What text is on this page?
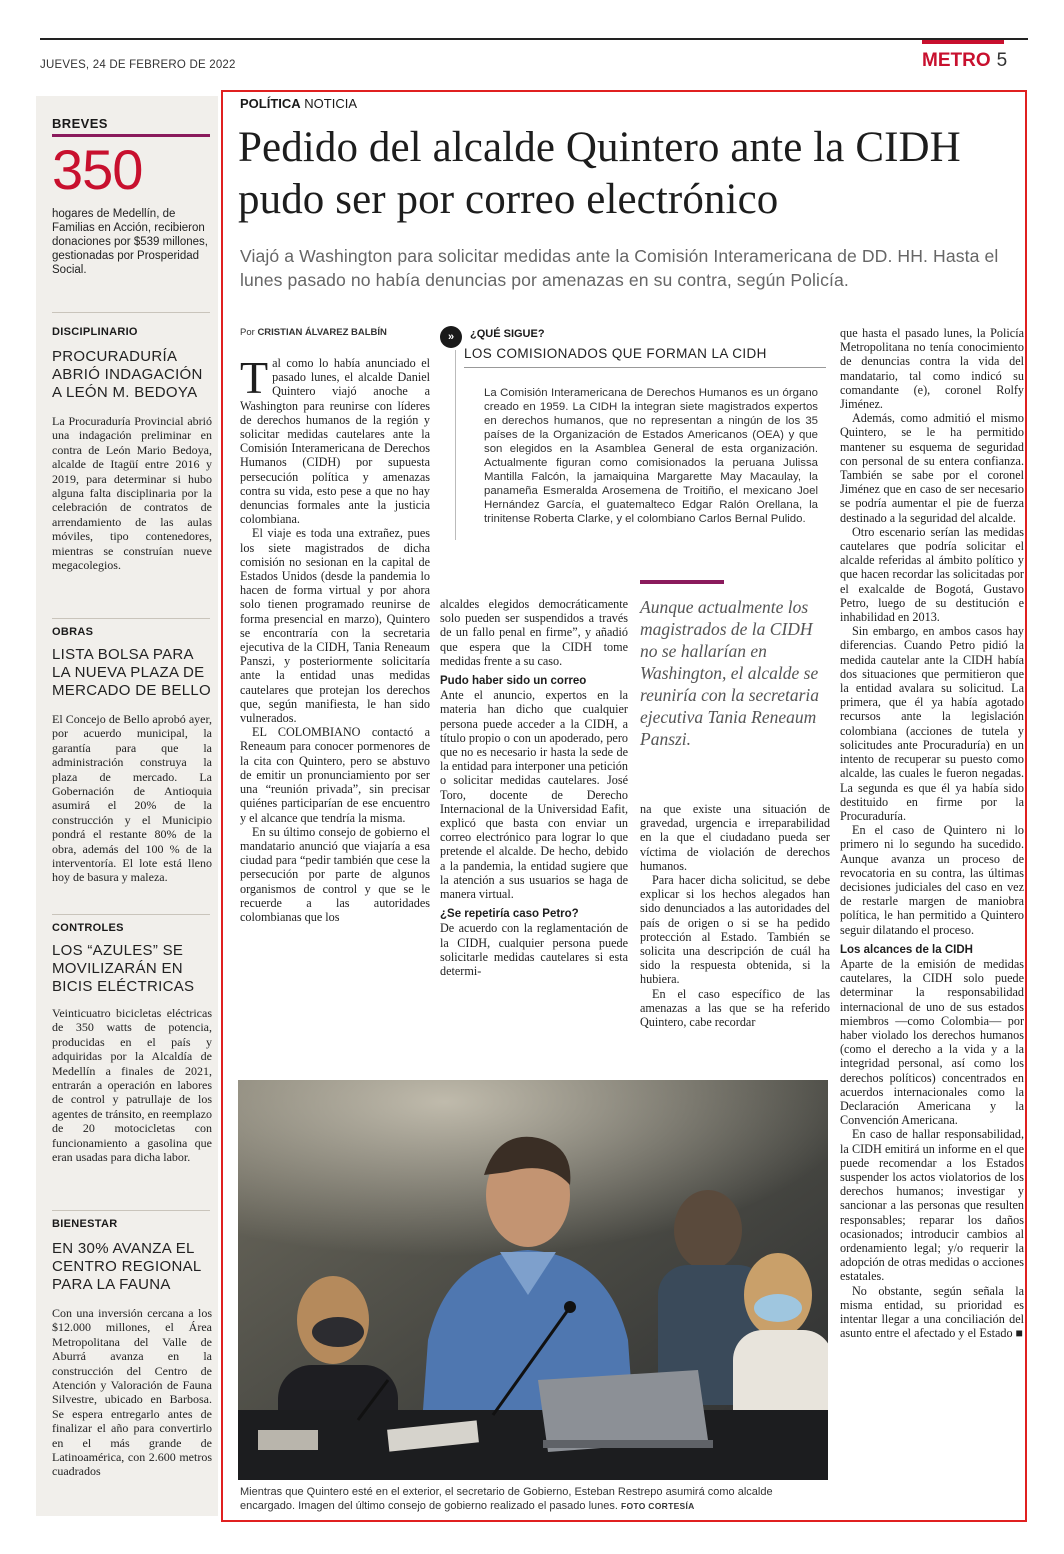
JUEVES, 24 DE FEBRERO DE 2022	METRO 5
BREVES
350
hogares de Medellín, de Familias en Acción, recibieron donaciones por $539 millones, gestionadas por Prosperidad Social.
DISCIPLINARIO
PROCURADURÍA ABRIÓ INDAGACIÓN A LEÓN M. BEDOYA
La Procuraduría Provincial abrió una indagación preliminar en contra de León Mario Bedoya, alcalde de Itagüí entre 2016 y 2019, para determinar si hubo alguna falta disciplinaria por la celebración de contratos de arrendamiento de las aulas móviles, tipo contenedores, mientras se construían nueve megacolegios.
OBRAS
LISTA BOLSA PARA LA NUEVA PLAZA DE MERCADO DE BELLO
El Concejo de Bello aprobó ayer, por acuerdo municipal, la garantía para que la administración construya la plaza de mercado. La Gobernación de Antioquia asumirá el 20% de la construcción y el Municipio pondrá el restante 80% de la obra, además del 100 % de la interventoría. El lote está lleno hoy de basura y maleza.
CONTROLES
LOS “AZULES” SE MOVILIZARÁN EN BICIS ELÉCTRICAS
Veinticuatro bicicletas eléctricas de 350 watts de potencia, producidas en el país y adquiridas por la Alcaldía de Medellín a finales de 2021, entrarán a operación en labores de control y patrullaje de los agentes de tránsito, en reemplazo de 20 motocicletas con funcionamiento a gasolina que eran usadas para dicha labor.
BIENESTAR
EN 30% AVANZA EL CENTRO REGIONAL PARA LA FAUNA
Con una inversión cercana a los $12.000 millones, el Área Metropolitana del Valle de Aburrá avanza en la construcción del Centro de Atención y Valoración de Fauna Silvestre, ubicado en Barbosa. Se espera entregarlo antes de finalizar el año para convertirlo en el más grande de Latinoamérica, con 2.600 metros cuadrados
POLÍTICA NOTICIA
Pedido del alcalde Quintero ante la CIDH pudo ser por correo electrónico
Viajó a Washington para solicitar medidas ante la Comisión Interamericana de DD. HH. Hasta el lunes pasado no había denuncias por amenazas en su contra, según Policía.
Por CRISTIAN ÁLVAREZ BALBÍN

Tal como lo había anunciado el pasado lunes, el alcalde Daniel Quintero viajó anoche a Washington para reunirse con líderes de derechos humanos de la región y solicitar medidas cautelares ante la Comisión Interamericana de Derechos Humanos (CIDH) por supuesta persecución política y amenazas contra su vida, esto pese a que no hay denuncias formales ante la justicia colombiana.

El viaje es toda una extrañez, pues los siete magistrados de dicha comisión no sesionan en la capital de Estados Unidos (desde la pandemia lo hacen de forma virtual y por ahora solo tienen programado reunirse de forma presencial en marzo), Quintero se encontraría con la secretaria ejecutiva de la CIDH, Tania Reneaum Panszi, y posteriormente solicitaría ante la entidad unas medidas cautelares que protejan los derechos que, según manifiesta, le han sido vulnerados.

EL COLOMBIANO contactó a Reneaum para conocer pormenores de la cita con Quintero, pero se abstuvo de emitir un pronunciamiento por ser una “reunión privada”, sin precisar quiénes participarían de ese encuentro y el alcance que tendría la misma.

En su último consejo de gobierno el mandatario anunció que viajaría a esa ciudad para “pedir también que cese la persecución por parte de algunos organismos de control y que se le recuerde a las autoridades colombianas que los

»	¿QUÉ SIGUE?
LOS COMISIONADOS QUE FORMAN LA CIDH
La Comisión Interamericana de Derechos Humanos es un órgano creado en 1959. La CIDH la integran siete magistrados expertos en derechos humanos, que no representan a ningún de los 35 países de la Organización de Estados Americanos (OEA) y que son elegidos en la Asamblea General de esta organización. Actualmente figuran como comisionados la peruana Julissa Mantilla Falcón, la jamaiquina Margarette May Macaulay, la panameña Esmeralda Arosemena de Troitiño, el mexicano Joel Hernández García, el guatemalteco Edgar Ralón Orellana, la trinitense Roberta Clarke, y el colombiano Carlos Bernal Pulido.

alcaldes elegidos democráticamente solo pueden ser suspendidos a través de un fallo penal en firme”, y añadió que espera que la CIDH tome medidas frente a su caso.

Pudo haber sido un correo

Ante el anuncio, expertos en la materia han dicho que cualquier persona puede acceder a la CIDH, a título propio o con un apoderado, pero que no es necesario ir hasta la sede de la entidad para interponer una petición o solicitar medidas cautelares. José Toro, docente de Derecho Internacional de la Universidad Eafit, explicó que basta con enviar un correo electrónico para lograr lo que pretende el alcalde. De hecho, debido a la pandemia, la entidad sugiere que la atención a sus usuarios se haga de manera virtual.

¿Se repetiría caso Petro?

De acuerdo con la reglamentación de la CIDH, cualquier persona puede solicitarle medidas cautelares si esta determi-

Aunque actualmente los magistrados de la CIDH no se hallarían en Washington, el alcalde se reuniría con la secretaria ejecutiva Tania Reneaum Panszi.

na que existe una situación de gravedad, urgencia e irreparabilidad en la que el ciudadano pueda ser víctima de violación de derechos humanos.

Para hacer dicha solicitud, se debe explicar si los hechos alegados han sido denunciados a las autoridades del país de origen o si se ha pedido protección al Estado. También se solicita una descripción de cuál ha sido la respuesta obtenida, si la hubiera.

En el caso específico de las amenazas a las que se ha referido Quintero, cabe recordar

que hasta el pasado lunes, la Policía Metropolitana no tenía conocimiento de denuncias contra la vida del mandatario, tal como indicó su comandante (e), coronel Rolfy Jiménez.

Además, como admitió el mismo Quintero, se le ha permitido mantener su esquema de seguridad con personal de su entera confianza. También se sabe por el coronel Jiménez que en caso de ser necesario se podría aumentar el pie de fuerza destinado a la seguridad del alcalde.

Otro escenario serían las medidas cautelares que podría solicitar el alcalde referidas al ámbito político y que hacen recordar las solicitadas por el exalcalde de Bogotá, Gustavo Petro, luego de su destitución e inhabilidad en 2013.

Sin embargo, en ambos casos hay diferencias. Cuando Petro pidió la medida cautelar ante la CIDH había dos situaciones que permitieron que la entidad avalara su solicitud. La primera, que él ya había agotado recursos ante la legislación colombiana (acciones de tutela y solicitudes ante Procuraduría) en un intento de recuperar su puesto como alcalde, las cuales le fueron negadas. La segunda es que él ya había sido destituido en firme por la Procuraduría.

En el caso de Quintero ni lo primero ni lo segundo ha sucedido. Aunque avanza un proceso de revocatoria en su contra, las últimas decisiones judiciales del caso en vez de restarle margen de maniobra política, le han permitido a Quintero seguir dilatando el proceso.

Los alcances de la CIDH

Aparte de la emisión de medidas cautelares, la CIDH solo puede determinar la responsabilidad internacional de uno de sus estados miembros —como Colombia— por haber violado los derechos humanos (como el derecho a la vida y a la integridad personal, así como los derechos políticos) concentrados en acuerdos internacionales como la Declaración Americana y la Convención Americana.

En caso de hallar responsabilidad, la CIDH emitirá un informe en el que puede recomendar a los Estados suspender los actos violatorios de los derechos humanos; investigar y sancionar a las personas que resulten responsables; reparar los daños ocasionados; introducir cambios al ordenamiento legal; y/o requerir la adopción de otras medidas o acciones estatales.

No obstante, según señala la misma entidad, su prioridad es intentar llegar a una conciliación del asunto entre el afectado y el Estado ■

Mientras que Quintero esté en el exterior, el secretario de Gobierno, Esteban Restrepo asumirá como alcalde encargado. Imagen del último consejo de gobierno realizado el pasado lunes. FOTO CORTESÍA
